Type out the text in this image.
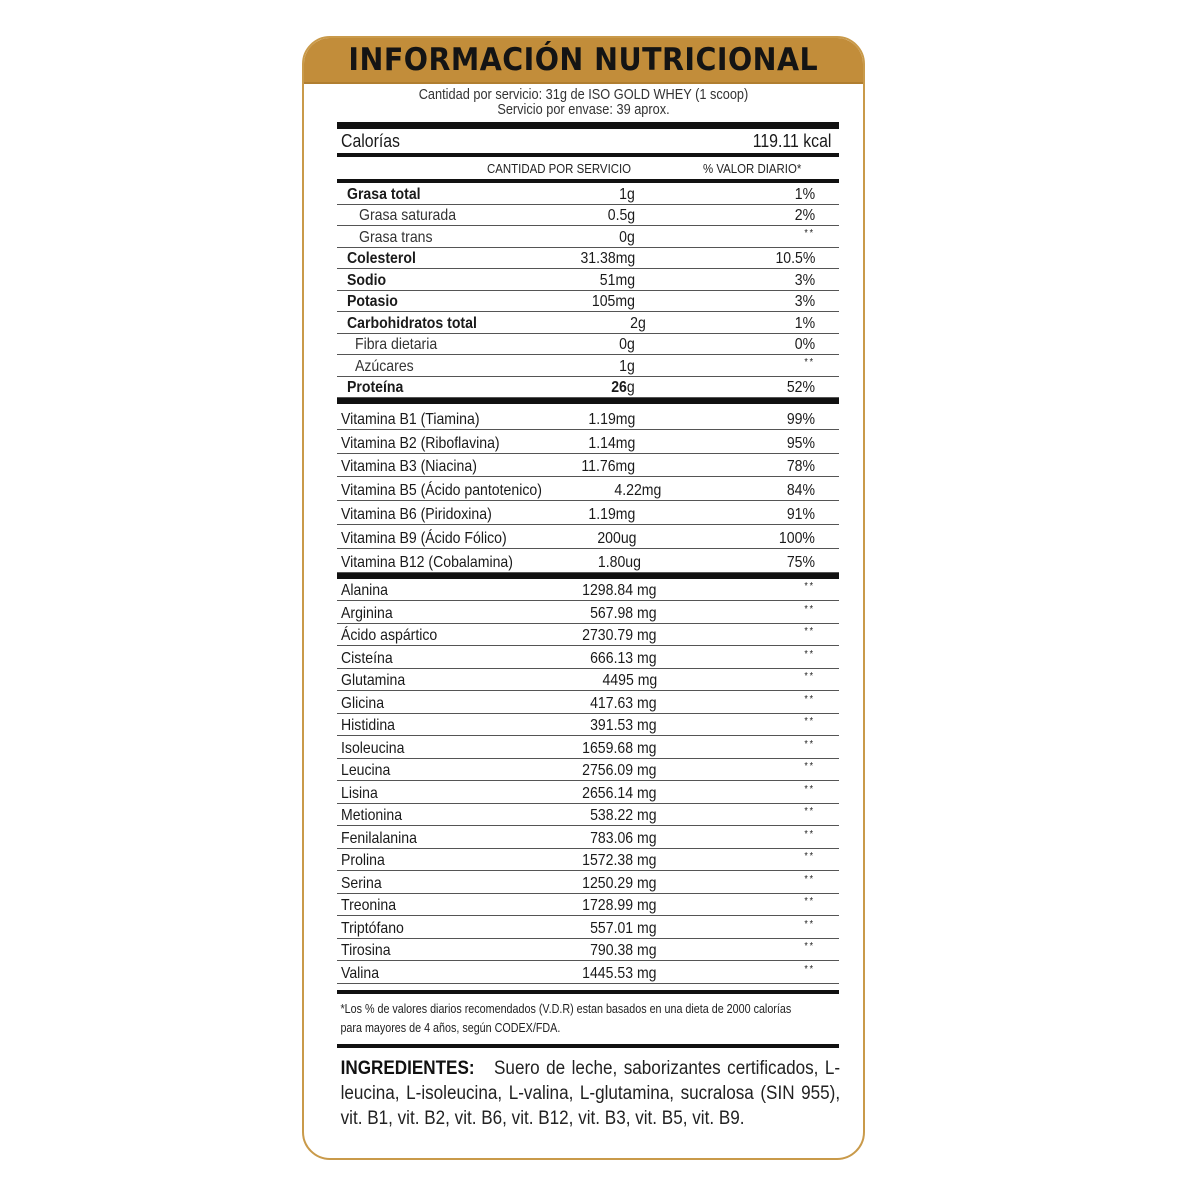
INFORMACIÓN NUTRICIONAL
Cantidad por servicio: 31g de ISO GOLD WHEY (1 scoop)
Servicio por envase: 39 aprox.
Calorías	119.11 kcal
CANTIDAD POR SERVICIO	% VALOR DIARIO*
Grasa total	1g	1%
Grasa saturada	0.5g	2%
Grasa trans	0g	**
Colesterol	31.38mg	10.5%
Sodio	51mg	3%
Potasio	105mg	3%
Carbohidratos total	2g	1%
Fibra dietaria	0g	0%
Azúcares	1g	**
Proteína	26g	52%
Vitamina B1 (Tiamina)	1.19mg	99%
Vitamina B2 (Riboflavina)	1.14mg	95%
Vitamina B3 (Niacina)	11.76mg	78%
Vitamina B5 (Ácido pantotenico)	4.22mg	84%
Vitamina B6 (Piridoxina)	1.19mg	91%
Vitamina B9 (Ácido Fólico)	200ug	100%
Vitamina B12 (Cobalamina)	1.80ug	75%
Alanina	1298.84 mg	**
Arginina	567.98 mg	**
Ácido aspártico	2730.79 mg	**
Cisteína	666.13 mg	**
Glutamina	4495 mg	**
Glicina	417.63 mg	**
Histidina	391.53 mg	**
Isoleucina	1659.68 mg	**
Leucina	2756.09 mg	**
Lisina	2656.14 mg	**
Metionina	538.22 mg	**
Fenilalanina	783.06 mg	**
Prolina	1572.38 mg	**
Serina	1250.29 mg	**
Treonina	1728.99 mg	**
Triptófano	557.01 mg	**
Tirosina	790.38 mg	**
Valina	1445.53 mg	**
*Los % de valores diarios recomendados (V.D.R) estan basados en una dieta de 2000 calorías
para mayores de 4 años, según CODEX/FDA.
INGREDIENTES: Suero de leche, saborizantes certificados, L-leucina, L-isoleucina, L-valina, L-glutamina, sucralosa (SIN 955), vit. B1, vit. B2, vit. B6, vit. B12, vit. B3, vit. B5, vit. B9.
